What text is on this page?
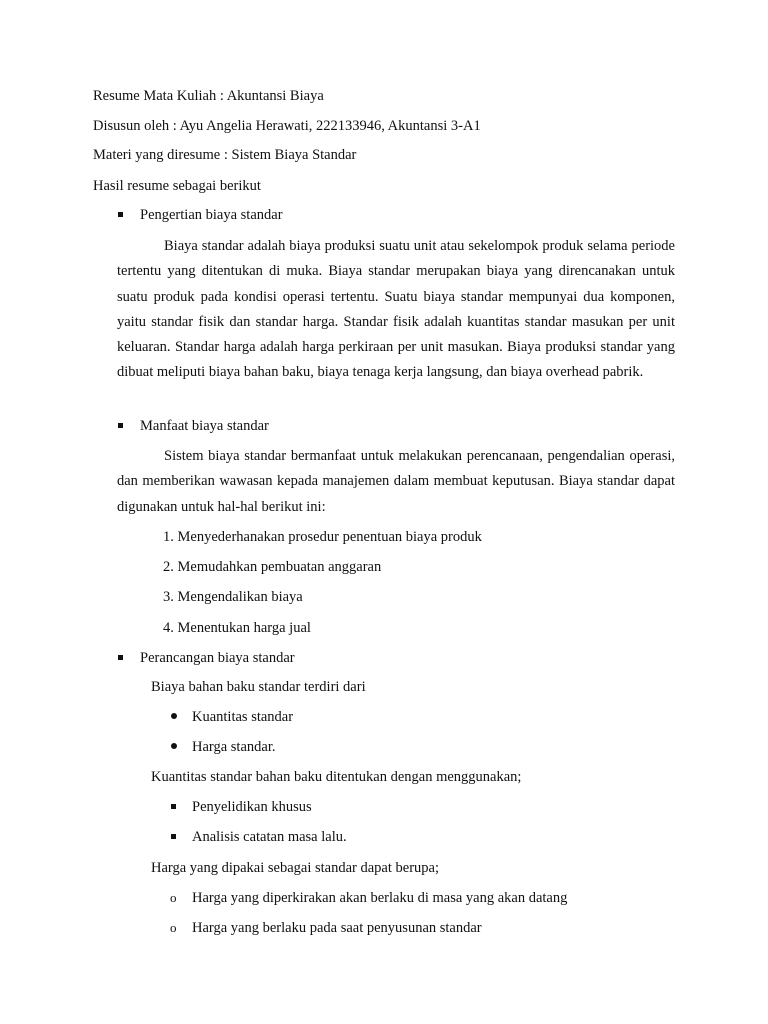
Resume Mata Kuliah : Akuntansi Biaya
Disusun oleh : Ayu Angelia Herawati, 222133946, Akuntansi 3-A1
Materi yang diresume : Sistem Biaya Standar
Hasil resume sebagai berikut
Pengertian biaya standar
Biaya standar adalah biaya produksi suatu unit atau sekelompok produk selama periode tertentu yang ditentukan di muka. Biaya standar merupakan biaya yang direncanakan untuk suatu produk pada kondisi operasi tertentu. Suatu biaya standar mempunyai dua komponen, yaitu standar fisik dan standar harga. Standar fisik adalah kuantitas standar masukan per unit keluaran. Standar harga adalah harga perkiraan per unit masukan. Biaya produksi standar yang dibuat meliputi biaya bahan baku, biaya tenaga kerja langsung, dan biaya overhead pabrik.
Manfaat biaya standar
Sistem biaya standar bermanfaat untuk melakukan perencanaan, pengendalian operasi, dan memberikan wawasan kepada manajemen dalam membuat keputusan. Biaya standar dapat digunakan untuk hal-hal berikut ini:
1. Menyederhanakan prosedur penentuan biaya produk
2. Memudahkan pembuatan anggaran
3. Mengendalikan biaya
4. Menentukan harga jual
Perancangan biaya standar
Biaya bahan baku standar terdiri dari
Kuantitas standar
Harga standar.
Kuantitas standar bahan baku ditentukan dengan menggunakan;
Penyelidikan khusus
Analisis catatan masa lalu.
Harga yang dipakai sebagai standar dapat berupa;
o Harga yang diperkirakan akan berlaku di masa yang akan datang
o Harga yang berlaku pada saat penyusunan standar
